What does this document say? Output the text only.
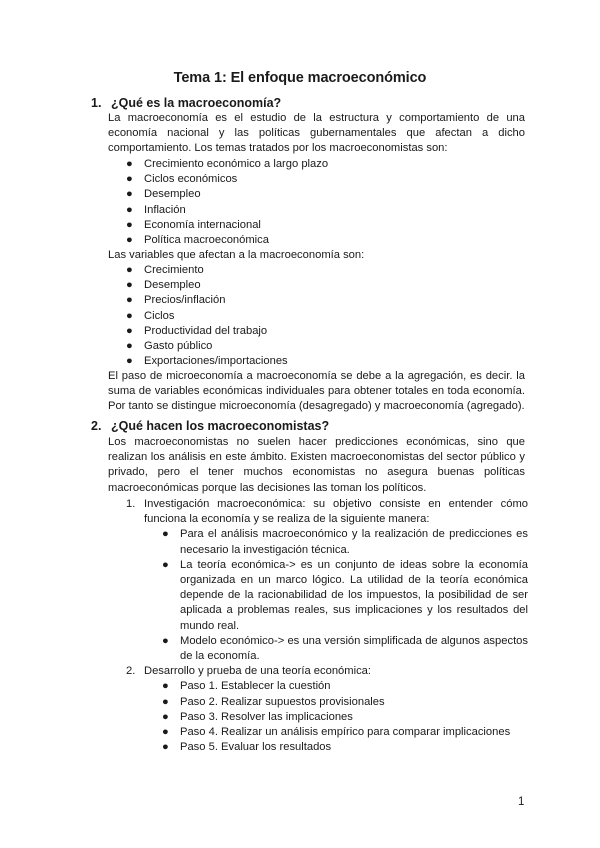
Tema 1: El enfoque macroeconómico
1. ¿Qué es la macroeconomía?
La macroeconomía es el estudio de la estructura y comportamiento de una economía nacional y las políticas gubernamentales que afectan a dicho comportamiento. Los temas tratados por los macroeconomistas son:
● Crecimiento económico a largo plazo
● Ciclos económicos
● Desempleo
● Inflación
● Economía internacional
● Política macroeconómica
Las variables que afectan a la macroeconomía son:
● Crecimiento
● Desempleo
● Precios/inflación
● Ciclos
● Productividad del trabajo
● Gasto público
● Exportaciones/importaciones
El paso de microeconomía a macroeconomía se debe a la agregación, es decir. la suma de variables económicas individuales para obtener totales en toda economía. Por tanto se distingue microeconomía (desagregado) y macroeconomía (agregado).
2. ¿Qué hacen los macroeconomistas?
Los macroeconomistas no suelen hacer predicciones económicas, sino que realizan los análisis en este ámbito. Existen macroeconomistas del sector público y privado, pero el tener muchos economistas no asegura buenas políticas macroeconómicas porque las decisiones las toman los políticos.
1. Investigación macroeconómica: su objetivo consiste en entender cómo funciona la economía y se realiza de la siguiente manera:
● Para el análisis macroeconómico y la realización de predicciones es necesario la investigación técnica.
● La teoría económica-> es un conjunto de ideas sobre la economía organizada en un marco lógico. La utilidad de la teoría económica depende de la racionabilidad de los impuestos, la posibilidad de ser aplicada a problemas reales, sus implicaciones y los resultados del mundo real.
● Modelo económico-> es una versión simplificada de algunos aspectos de la economía.
2. Desarrollo y prueba de una teoría económica:
● Paso 1. Establecer la cuestión
● Paso 2. Realizar supuestos provisionales
● Paso 3. Resolver las implicaciones
● Paso 4. Realizar un análisis empírico para comparar implicaciones
● Paso 5. Evaluar los resultados
1
